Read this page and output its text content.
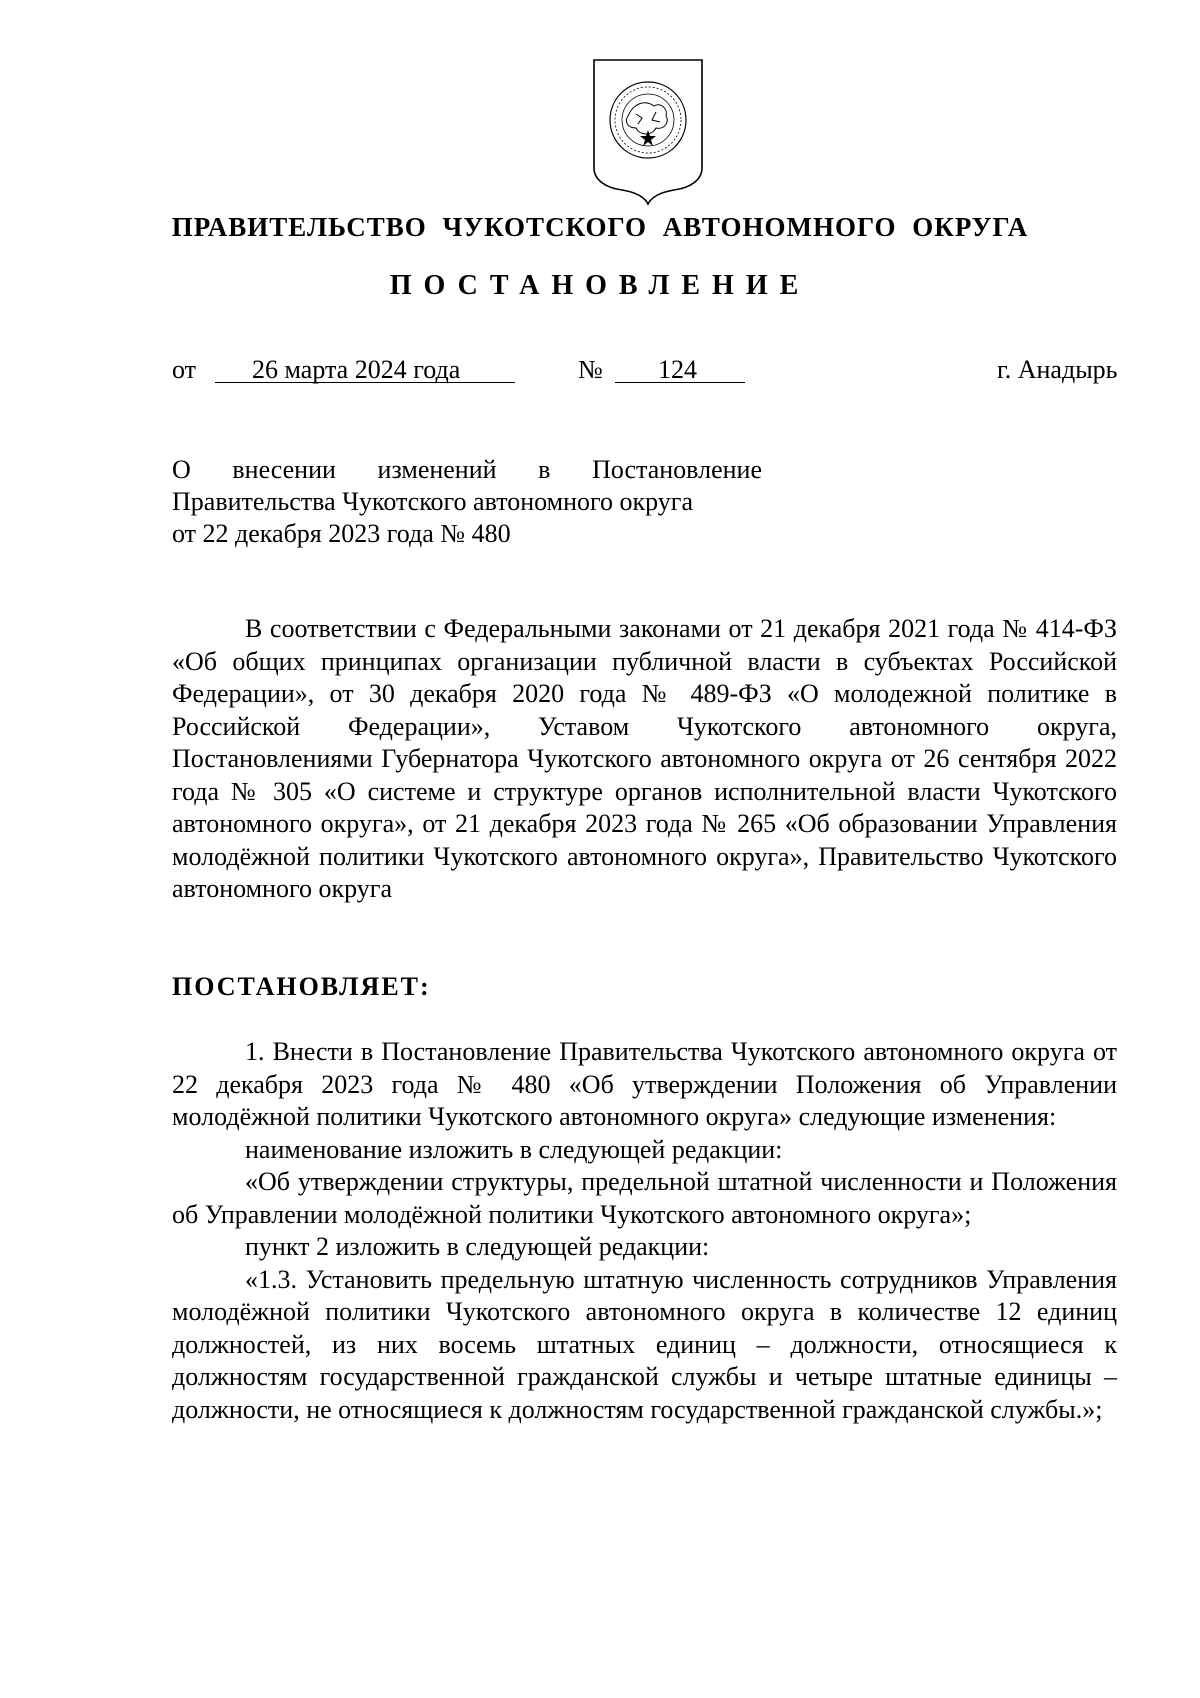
ПРАВИТЕЛЬСТВО ЧУКОТСКОГО АВТОНОМНОГО ОКРУГА
ПОСТАНОВЛЕНИЕ
от 26 марта 2024 года	№ 124	г. Анадырь
О внесении изменений в Постановление
Правительства Чукотского автономного округа
от 22 декабря 2023 года № 480

В соответствии с Федеральными законами от 21 декабря 2021 года № 414-ФЗ «Об общих принципах организации публичной власти в субъектах Российской Федерации», от 30 декабря 2020 года № 489-ФЗ «О молодежной политике в Российской Федерации», Уставом Чукотского автономного округа, Постановлениями Губернатора Чукотского автономного округа от 26 сентября 2022 года № 305 «О системе и структуре органов исполнительной власти Чукотского автономного округа», от 21 декабря 2023 года № 265 «Об образовании Управления молодёжной политики Чукотского автономного округа», Правительство Чукотского автономного округа

ПОСТАНОВЛЯЕТ:

1. Внести в Постановление Правительства Чукотского автономного округа от 22 декабря 2023 года № 480 «Об утверждении Положения об Управлении молодёжной политики Чукотского автономного округа» следующие изменения:

наименование изложить в следующей редакции:

«Об утверждении структуры, предельной штатной численности и Положения об Управлении молодёжной политики Чукотского автономного округа»;

пункт 2 изложить в следующей редакции:

«1.3. Установить предельную штатную численность сотрудников Управления молодёжной политики Чукотского автономного округа в количестве 12 единиц должностей, из них восемь штатных единиц – должности, относящиеся к должностям государственной гражданской службы и четыре штатные единицы – должности, не относящиеся к должностям государственной гражданской службы.»;
